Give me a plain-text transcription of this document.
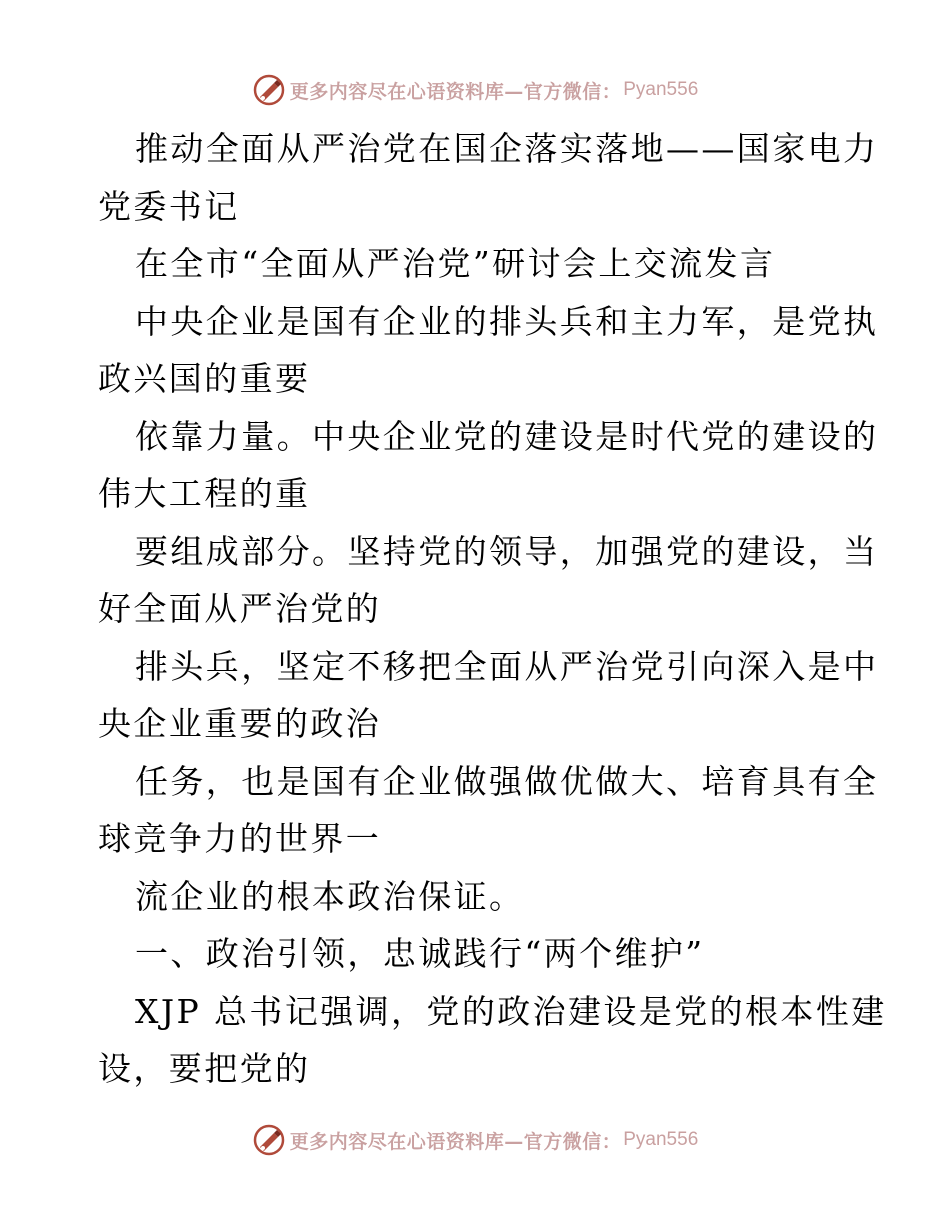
更多内容尽在心语资料库—官方微信： Pyan556
推动全面从严治党在国企落实落地——国家电力
党委书记
在全市“全面从严治党”研讨会上交流发言
中央企业是国有企业的排头兵和主力军，是党执
政兴国的重要
依靠力量。中央企业党的建设是时代党的建设的
伟大工程的重
要组成部分。坚持党的领导，加强党的建设，当
好全面从严治党的
排头兵，坚定不移把全面从严治党引向深入是中
央企业重要的政治
任务，也是国有企业做强做优做大、培育具有全
球竞争力的世界一
流企业的根本政治保证。
一、政治引领，忠诚践行“两个维护”
XJP 总书记强调，党的政治建设是党的根本性建
设，要把党的
更多内容尽在心语资料库—官方微信： Pyan556
